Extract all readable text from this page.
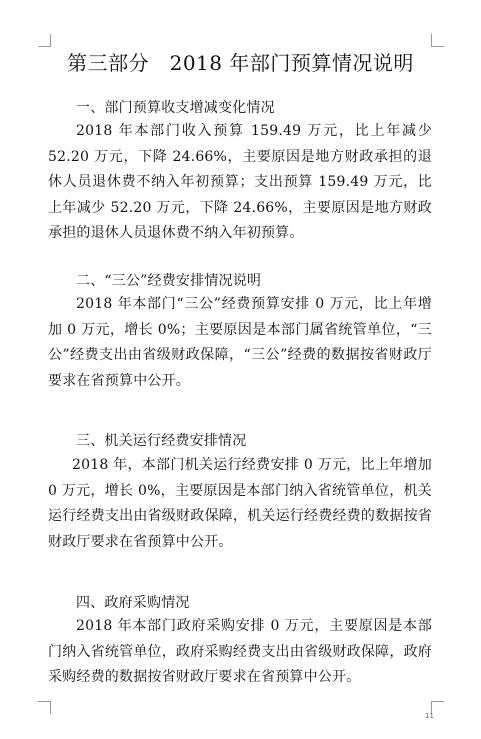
第三部分　2018 年部门预算情况说明
一、部门预算收支增减变化情况

2018 年本部门收入预算 159.49 万元，比上年减少 52.20 万元，下降 24.66%，主要原因是地方财政承担的退休人员退休费不纳入年初预算；支出预算 159.49 万元，比上年减少 52.20 万元，下降 24.66%，主要原因是地方财政承担的退休人员退休费不纳入年初预算。

二、“三公”经费安排情况说明

2018 年本部门“三公”经费预算安排 0 万元，比上年增加 0 万元，增长 0%；主要原因是本部门属省统管单位，“三公”经费支出由省级财政保障，“三公”经费的数据按省财政厅要求在省预算中公开。

三、机关运行经费安排情况

2018 年，本部门机关运行经费安排 0 万元，比上年增加 0 万元，增长 0%，主要原因是本部门纳入省统管单位，机关运行经费支出由省级财政保障，机关运行经费经费的数据按省财政厅要求在省预算中公开。

四、政府采购情况

2018 年本部门政府采购安排 0 万元，主要原因是本部门纳入省统管单位，政府采购经费支出由省级财政保障，政府采购经费的数据按省财政厅要求在省预算中公开。

11
